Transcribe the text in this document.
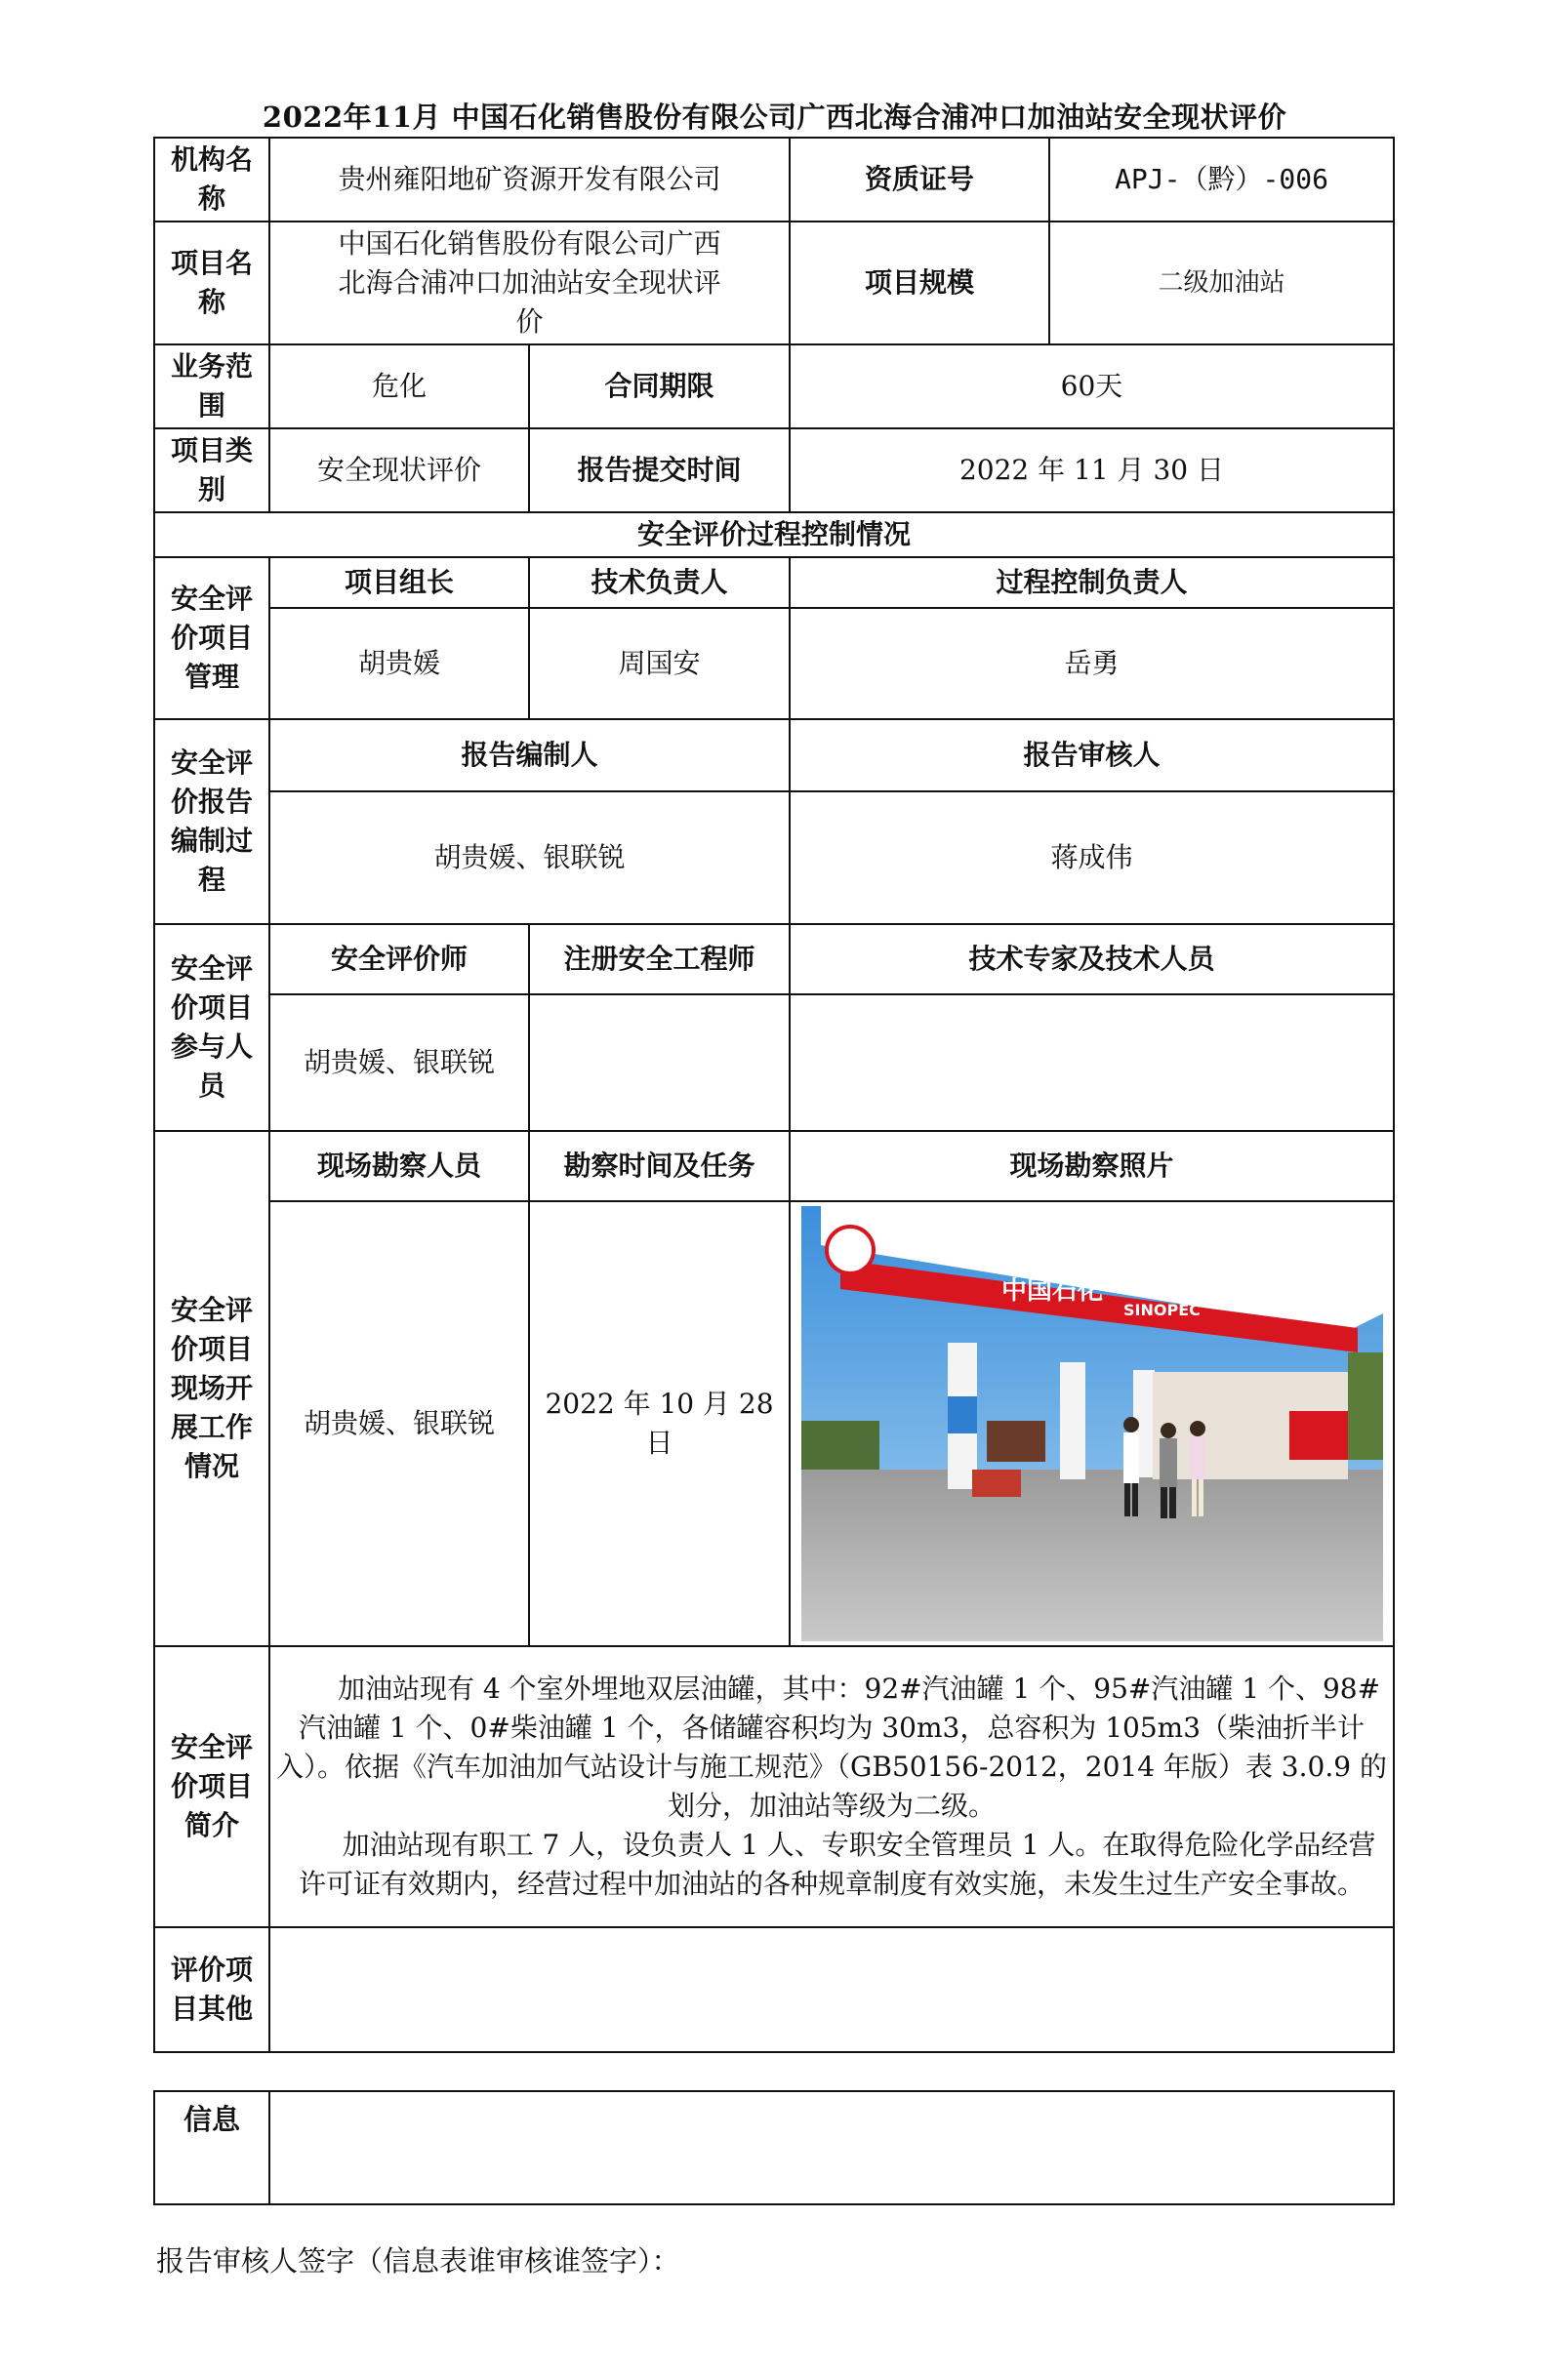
2022年11月 中国石化销售股份有限公司广西北海合浦冲口加油站安全现状评价
机构名称	贵州雍阳地矿资源开发有限公司		资质证号	APJ-（黔）-006
项目名称	中国石化销售股份有限公司广西北海合浦冲口加油站安全现状评价		项目规模	二级加油站
业务范围	危化	合同期限	60天	
项目类别	安全现状评价	报告提交时间	2022 年 11 月 30 日	
安全评价过程控制情况				
安全评价项目管理	项目组长	技术负责人	过程控制负责人	
	胡贵媛	周国安	岳勇	
安全评价报告编制过程	报告编制人		报告审核人	
	胡贵媛、银联锐		蒋成伟	
安全评价项目参与人员	安全评价师	注册安全工程师	技术专家及技术人员	
	胡贵媛、银联锐			
安全评价项目现场开展工作情况	现场勘察人员	勘察时间及任务	现场勘察照片	
	胡贵媛、银联锐	2022 年 10 月 28 日	中国石化
SINOPEC	

安全评价项目简介	加油站现有 4 个室外埋地双层油罐，其中：92#汽油罐 1 个、95#汽油罐 1 个、98#汽油罐 1 个、0#柴油罐 1 个，各储罐容积均为 30m3，总容积为 105m3（柴油折半计入）。依据《汽车加油加气站设计与施工规范》（GB50156-2012，2014 年版）表 3.0.9 的划分，加油站等级为二级。

加油站现有职工 7 人，设负责人 1 人、专职安全管理员 1 人。在取得危险化学品经营许可证有效期内，经营过程中加油站的各种规章制度有效实施，未发生过生产安全事故。			

评价项目其他				
信息	
报告审核人签字（信息表谁审核谁签字）：
